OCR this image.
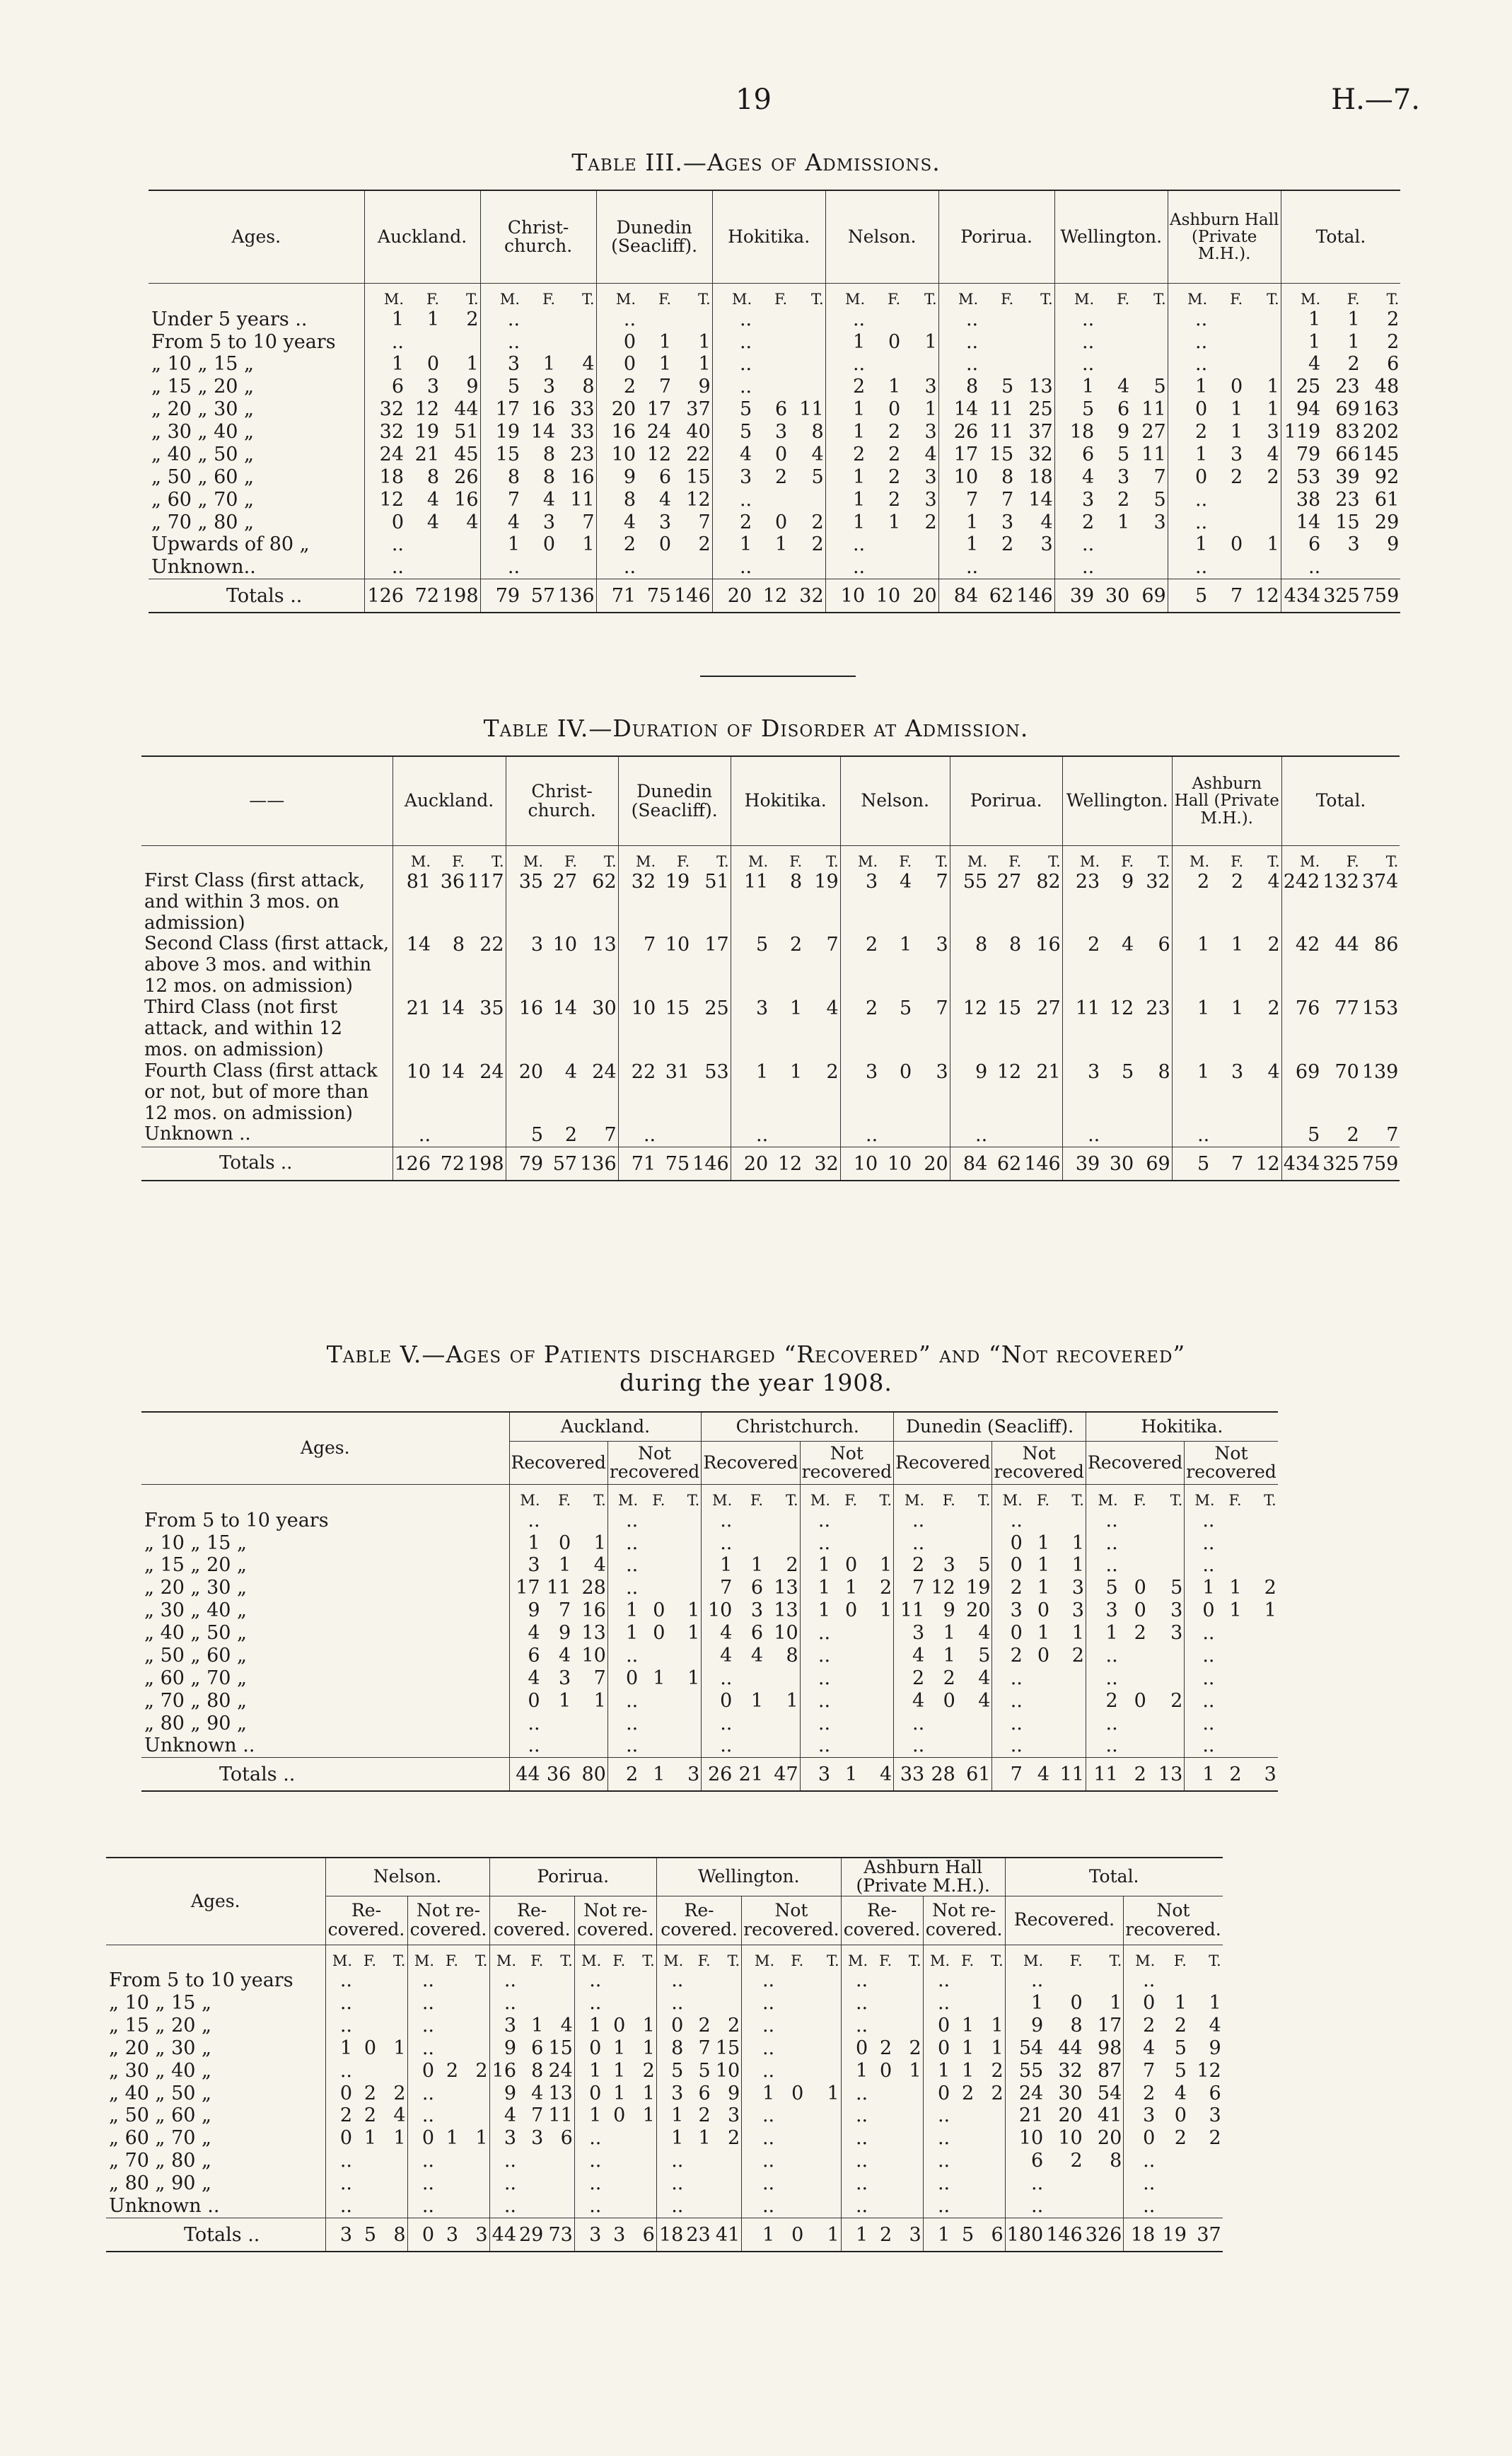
19	H.—7.
Table III.—Ages of Admissions.
Ages.	Auckland.			Christ- church.			Dunedin (Seacliff).			Hokitika.			Nelson.			Porirua.			Wellington.			Ashburn Hall (Private M.H.).			Total.		
	M.	F.	T.	M.	F.	T.	M.	F.	T.	M.	F.	T.	M.	F.	T.	M.	F.	T.	M.	F.	T.	M.	F.	T.	M.	F.	T.
Under 5 years ..	1	1	2	..			..			..			..			..			..			..			1	1	2
From 5 to 10 years	..			..			0	1	1	..			1	0	1	..			..			..			1	1	2
„ 10 „ 15 „	1	0	1	3	1	4	0	1	1	..			..			..			..			..			4	2	6
„ 15 „ 20 „	6	3	9	5	3	8	2	7	9	..			2	1	3	8	5	13	1	4	5	1	0	1	25	23	48
„ 20 „ 30 „	32	12	44	17	16	33	20	17	37	5	6	11	1	0	1	14	11	25	5	6	11	0	1	1	94	69	163
„ 30 „ 40 „	32	19	51	19	14	33	16	24	40	5	3	8	1	2	3	26	11	37	18	9	27	2	1	3	119	83	202
„ 40 „ 50 „	24	21	45	15	8	23	10	12	22	4	0	4	2	2	4	17	15	32	6	5	11	1	3	4	79	66	145
„ 50 „ 60 „	18	8	26	8	8	16	9	6	15	3	2	5	1	2	3	10	8	18	4	3	7	0	2	2	53	39	92
„ 60 „ 70 „	12	4	16	7	4	11	8	4	12	..			1	2	3	7	7	14	3	2	5	..			38	23	61
„ 70 „ 80 „	0	4	4	4	3	7	4	3	7	2	0	2	1	1	2	1	3	4	2	1	3	..			14	15	29
Upwards of 80 „	..			1	0	1	2	0	2	1	1	2	..			1	2	3	..			1	0	1	6	3	9
Unknown..	..			..			..			..			..			..			..			..			..		
Totals ..	126	72	198	79	57	136	71	75	146	20	12	32	10	10	20	84	62	146	39	30	69	5	7	12	434	325	759
Table IV.—Duration of Disorder at Admission.
——	Auckland.			Christ- church.			Dunedin (Seacliff).			Hokitika.			Nelson.			Porirua.			Wellington.			Ashburn Hall (Private M.H.).			Total.		
	M.	F.	T.	M.	F.	T.	M.	F.	T.	M.	F.	T.	M.	F.	T.	M.	F.	T.	M.	F.	T.	M.	F.	T.	M.	F.	T.
First Class (first attack, and within 3 mos. on admission)	81	36	117	35	27	62	32	19	51	11	8	19	3	4	7	55	27	82	23	9	32	2	2	4	242	132	374
Second Class (first attack, above 3 mos. and within 12 mos. on admission)	14	8	22	3	10	13	7	10	17	5	2	7	2	1	3	8	8	16	2	4	6	1	1	2	42	44	86
Third Class (not first attack, and within 12 mos. on admission)	21	14	35	16	14	30	10	15	25	3	1	4	2	5	7	12	15	27	11	12	23	1	1	2	76	77	153
Fourth Class (first attack or not, but of more than 12 mos. on admission)	10	14	24	20	4	24	22	31	53	1	1	2	3	0	3	9	12	21	3	5	8	1	3	4	69	70	139
Unknown ..	..			5	2	7	..			..			..			..			..			..			5	2	7
Totals ..	126	72	198	79	57	136	71	75	146	20	12	32	10	10	20	84	62	146	39	30	69	5	7	12	434	325	759
Table V.—Ages of Patients discharged “Recovered” and “Not recovered”
during the year 1908.
Ages.	Auckland.						Christchurch.						Dunedin (Seacliff).						Hokitika.					
	Recovered			Not recovered			Recovered			Not recovered			Recovered			Not recovered			Recovered			Not recovered		
	M.	F.	T.	M.	F.	T.	M.	F.	T.	M.	F.	T.	M.	F.	T.	M.	F.	T.	M.	F.	T.	M.	F.	T.
From 5 to 10 years	..			..			..			..			..			..			..			..		
„ 10 „ 15 „	1	0	1	..			..			..			..			0	1	1	..			..		
„ 15 „ 20 „	3	1	4	..			1	1	2	1	0	1	2	3	5	0	1	1	..			..		
„ 20 „ 30 „	17	11	28	..			7	6	13	1	1	2	7	12	19	2	1	3	5	0	5	1	1	2
„ 30 „ 40 „	9	7	16	1	0	1	10	3	13	1	0	1	11	9	20	3	0	3	3	0	3	0	1	1
„ 40 „ 50 „	4	9	13	1	0	1	4	6	10	..			3	1	4	0	1	1	1	2	3	..		
„ 50 „ 60 „	6	4	10	..			4	4	8	..			4	1	5	2	0	2	..			..		
„ 60 „ 70 „	4	3	7	0	1	1	..			..			2	2	4	..			..			..		
„ 70 „ 80 „	0	1	1	..			0	1	1	..			4	0	4	..			2	0	2	..		
„ 80 „ 90 „	..			..			..			..			..			..			..			..		
Unknown ..	..			..			..			..			..			..			..			..		
Totals ..	44	36	80	2	1	3	26	21	47	3	1	4	33	28	61	7	4	11	11	2	13	1	2	3
Ages.	Nelson.						Porirua.						Wellington.						Ashburn Hall (Private M.H.).						Total.					
	Re- covered.			Not re- covered.			Re- covered.			Not re- covered.			Re- covered.			Not recovered.			Re- covered.			Not re- covered.			Recovered.			Not recovered.		
	M.	F.	T.	M.	F.	T.	M.	F.	T.	M.	F.	T.	M.	F.	T.	M.	F.	T.	M.	F.	T.	M.	F.	T.	M.	F.	T.	M.	F.	T.
From 5 to 10 years	..			..			..			..			..			..			..			..			..			..		
„ 10 „ 15 „	..			..			..			..			..			..			..			..			1	0	1	0	1	1
„ 15 „ 20 „	..			..			3	1	4	1	0	1	0	2	2	..			..			0	1	1	9	8	17	2	2	4
„ 20 „ 30 „	1	0	1	..			9	6	15	0	1	1	8	7	15	..			0	2	2	0	1	1	54	44	98	4	5	9
„ 30 „ 40 „	..			0	2	2	16	8	24	1	1	2	5	5	10	..			1	0	1	1	1	2	55	32	87	7	5	12
„ 40 „ 50 „	0	2	2	..			9	4	13	0	1	1	3	6	9	1	0	1	..			0	2	2	24	30	54	2	4	6
„ 50 „ 60 „	2	2	4	..			4	7	11	1	0	1	1	2	3	..			..			..			21	20	41	3	0	3
„ 60 „ 70 „	0	1	1	0	1	1	3	3	6	..			1	1	2	..			..			..			10	10	20	0	2	2
„ 70 „ 80 „	..			..			..			..			..			..			..			..			6	2	8	..		
„ 80 „ 90 „	..			..			..			..			..			..			..			..			..			..		
Unknown ..	..			..			..			..			..			..			..			..			..			..		
Totals ..	3	5	8	0	3	3	44	29	73	3	3	6	18	23	41	1	0	1	1	2	3	1	5	6	180	146	326	18	19	37
